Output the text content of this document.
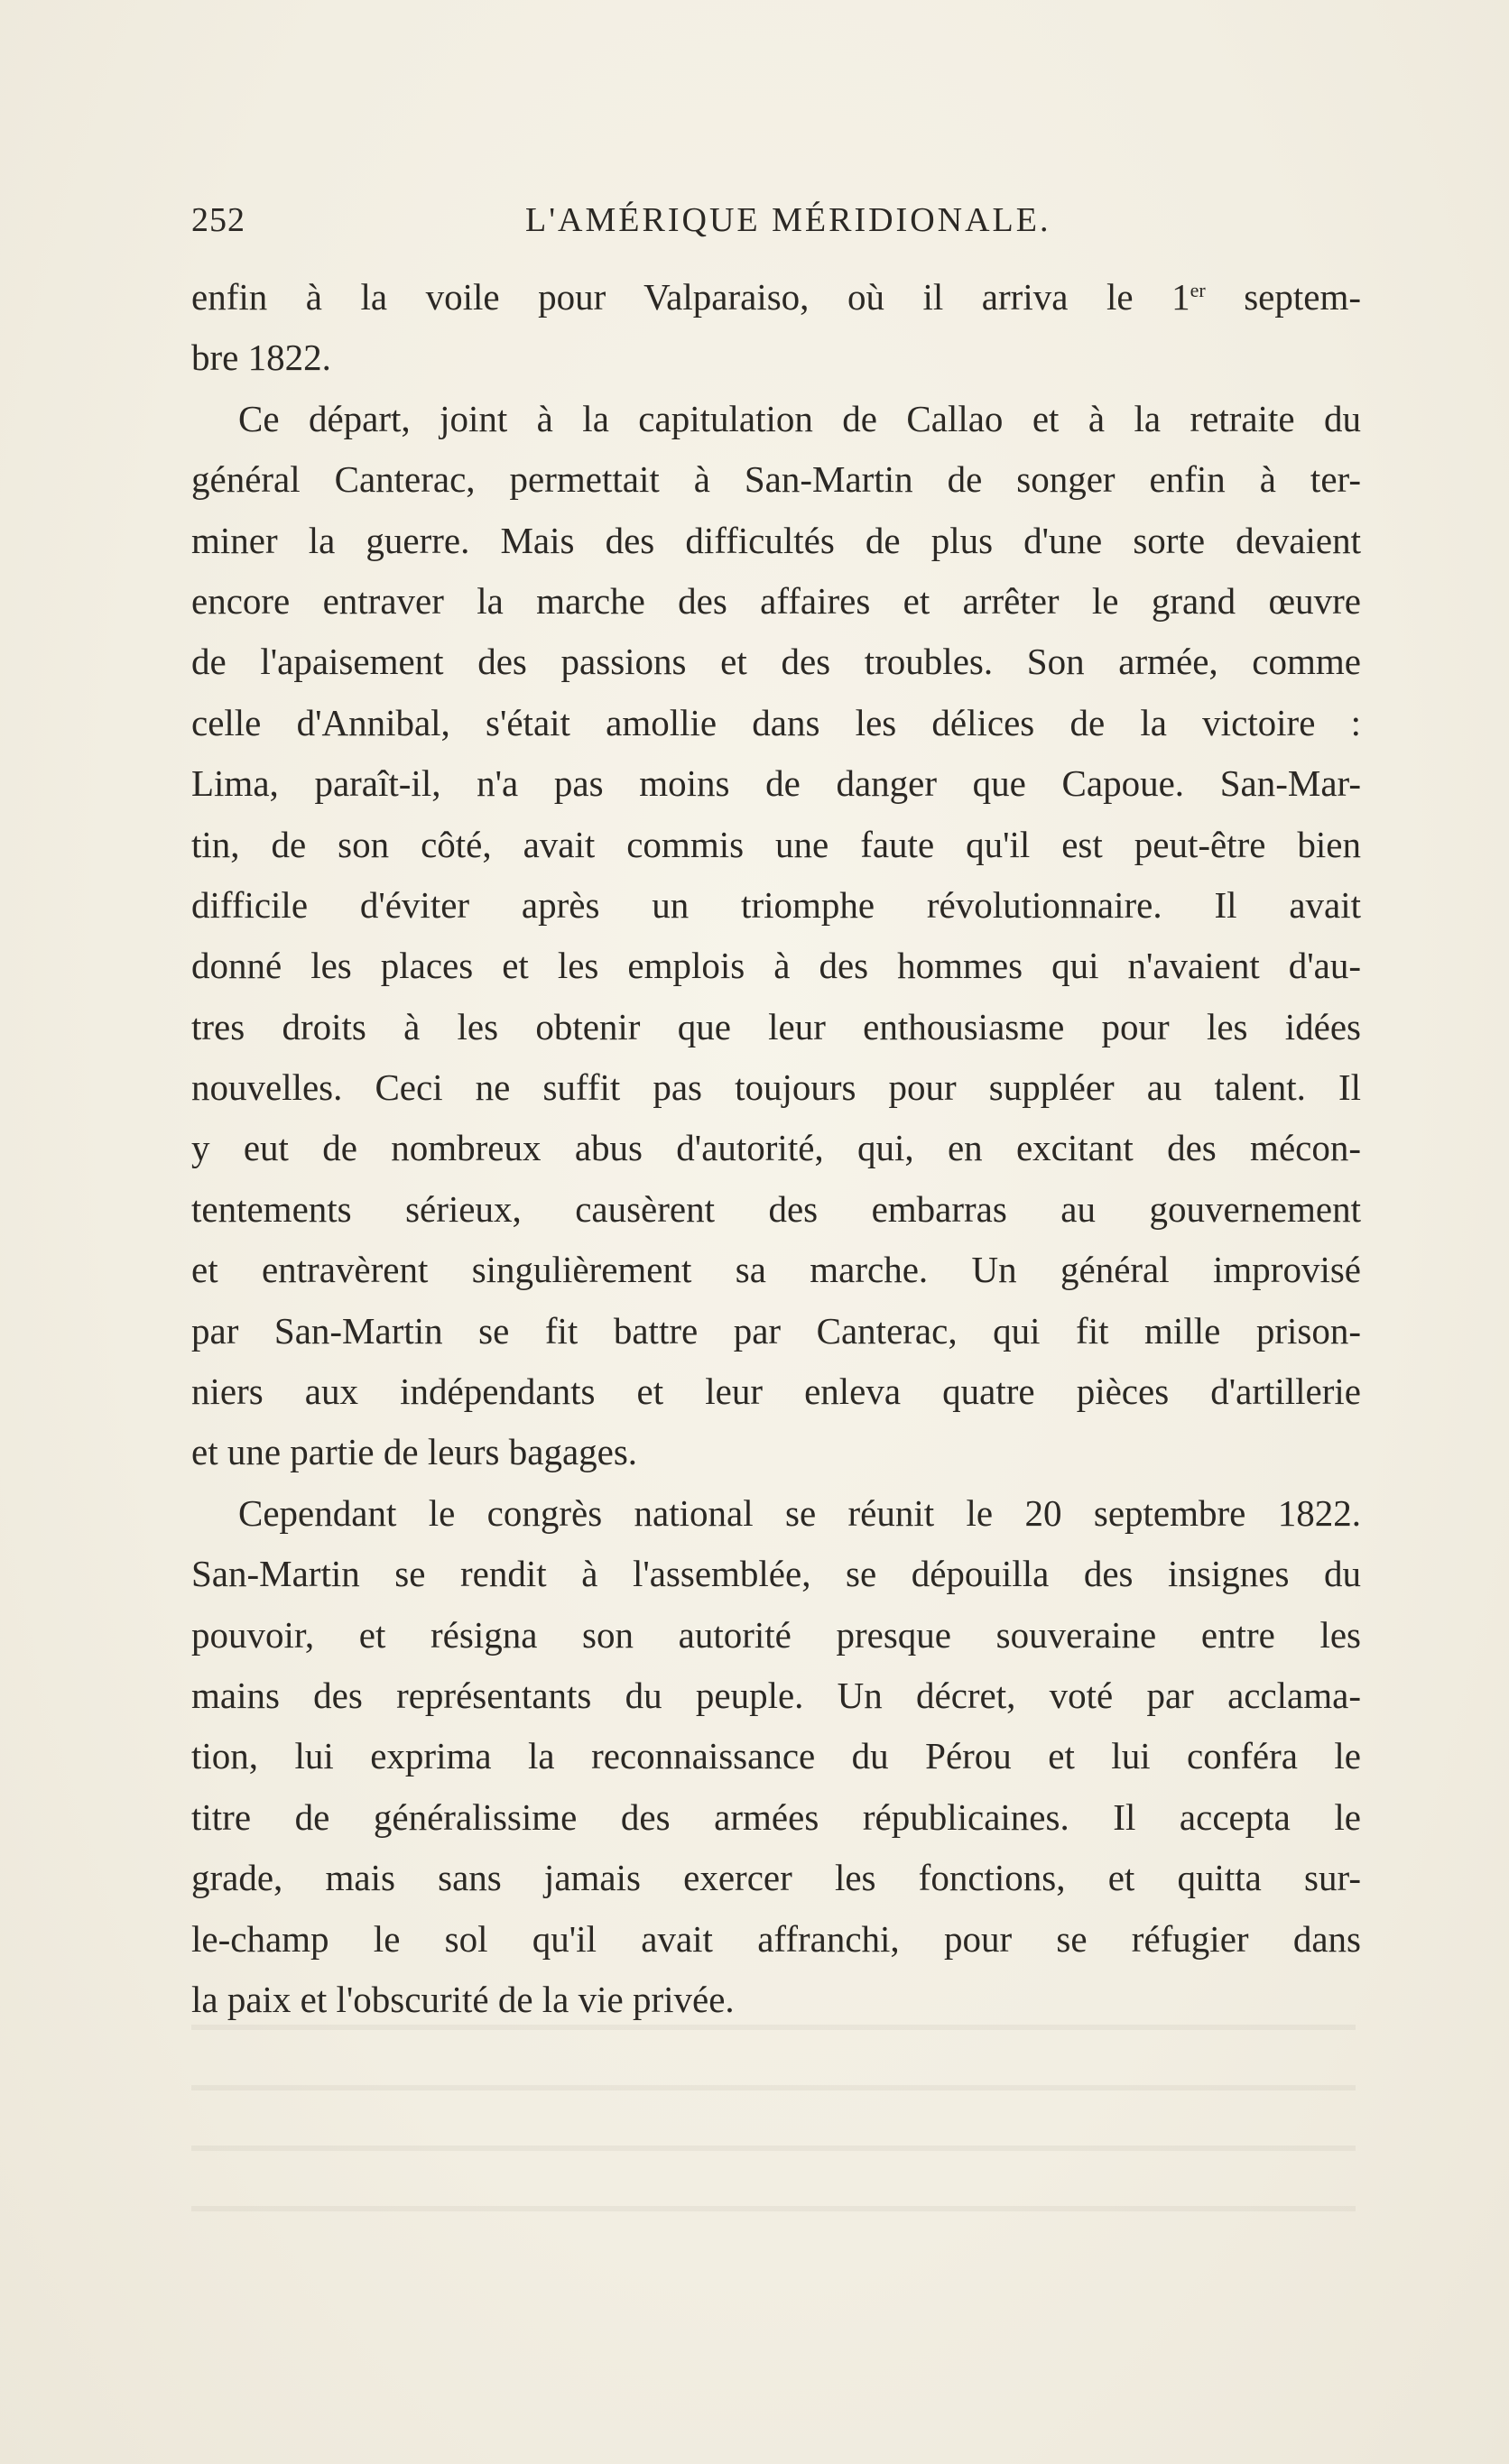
252	L'AMÉRIQUE MÉRIDIONALE.
enfin à la voile pour Valparaiso, où il arriva le 1er septem-
bre 1822.
Ce départ, joint à la capitulation de Callao et à la retraite du
général Canterac, permettait à San-Martin de songer enfin à ter-
miner la guerre. Mais des difficultés de plus d'une sorte devaient
encore entraver la marche des affaires et arrêter le grand œuvre
de l'apaisement des passions et des troubles. Son armée, comme
celle d'Annibal, s'était amollie dans les délices de la victoire :
Lima, paraît-il, n'a pas moins de danger que Capoue. San-Mar-
tin, de son côté, avait commis une faute qu'il est peut-être bien
difficile d'éviter après un triomphe révolutionnaire. Il avait
donné les places et les emplois à des hommes qui n'avaient d'au-
tres droits à les obtenir que leur enthousiasme pour les idées
nouvelles. Ceci ne suffit pas toujours pour suppléer au talent. Il
y eut de nombreux abus d'autorité, qui, en excitant des mécon-
tentements sérieux, causèrent des embarras au gouvernement
et entravèrent singulièrement sa marche. Un général improvisé
par San-Martin se fit battre par Canterac, qui fit mille prison-
niers aux indépendants et leur enleva quatre pièces d'artillerie
et une partie de leurs bagages.
Cependant le congrès national se réunit le 20 septembre 1822.
San-Martin se rendit à l'assemblée, se dépouilla des insignes du
pouvoir, et résigna son autorité presque souveraine entre les
mains des représentants du peuple. Un décret, voté par acclama-
tion, lui exprima la reconnaissance du Pérou et lui conféra le
titre de généralissime des armées républicaines. Il accepta le
grade, mais sans jamais exercer les fonctions, et quitta sur-
le-champ le sol qu'il avait affranchi, pour se réfugier dans
la paix et l'obscurité de la vie privée.
